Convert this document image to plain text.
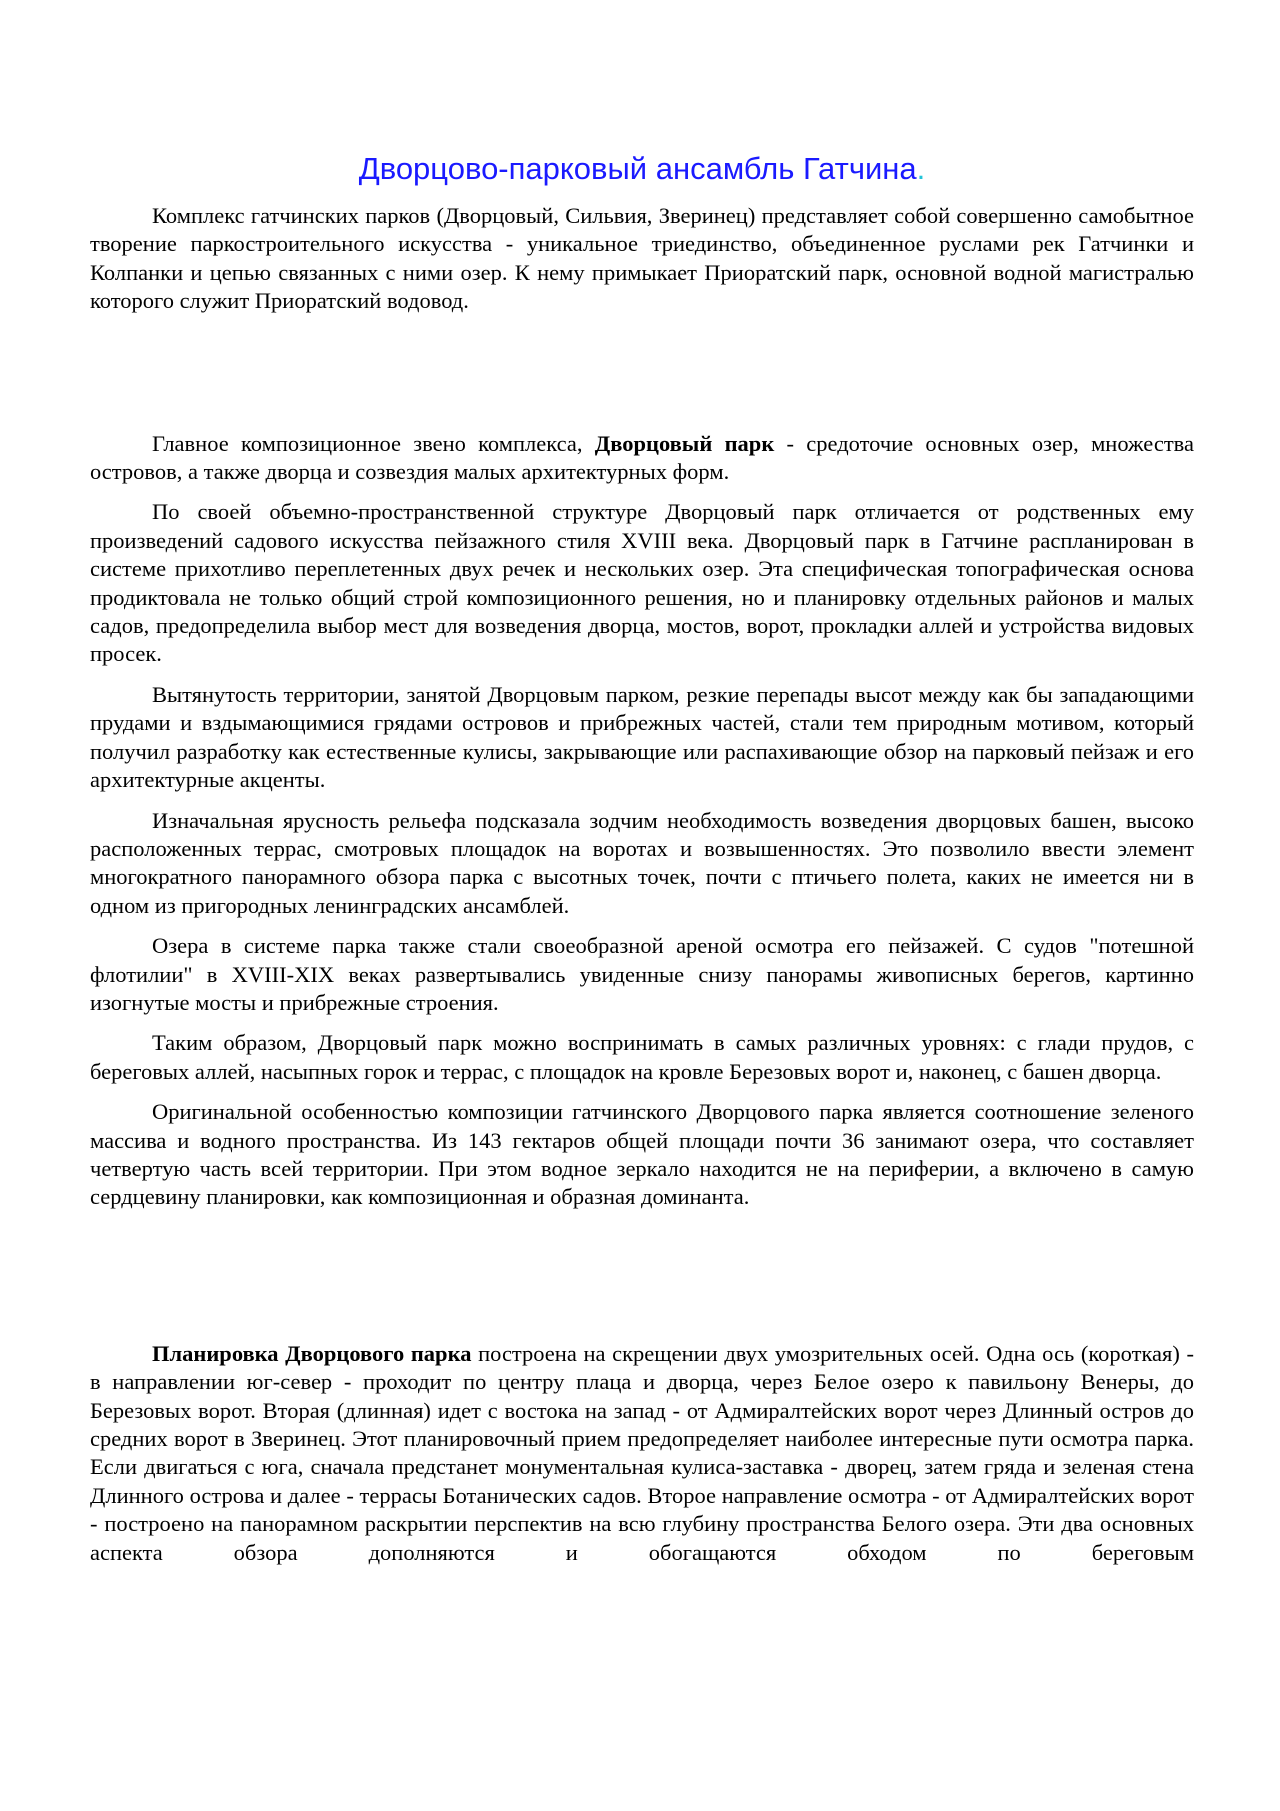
Дворцово-парковый ансамбль Гатчина.

Комплекс гатчинских парков (Дворцовый, Сильвия, Зверинец) представляет собой совершенно самобытное творение паркостроительного искусства - уникальное триединство, объединенное руслами рек Гатчинки и Колпанки и цепью связанных с ними озер. К нему примыкает Приоратский парк, основной водной магистралью которого служит Приоратский водовод.

Главное композиционное звено комплекса, Дворцовый парк - средоточие основных озер, множества островов, а также дворца и созвездия малых архитектурных форм.

По своей объемно-пространственной структуре Дворцовый парк отличается от родственных ему произведений садового искусства пейзажного стиля XVIII века. Дворцовый парк в Гатчине распланирован в системе прихотливо переплетенных двух речек и нескольких озер. Эта специфическая топографическая основа продиктовала не только общий строй композиционного решения, но и планировку отдельных районов и малых садов, предопределила выбор мест для возведения дворца, мостов, ворот, прокладки аллей и устройства видовых просек.

Вытянутость территории, занятой Дворцовым парком, резкие перепады высот между как бы западающими прудами и вздымающимися грядами островов и прибрежных частей, стали тем природным мотивом, который получил разработку как естественные кулисы, закрывающие или распахивающие обзор на парковый пейзаж и его архитектурные акценты.

Изначальная ярусность рельефа подсказала зодчим необходимость возведения дворцовых башен, высоко расположенных террас, смотровых площадок на воротах и возвышенностях. Это позволило ввести элемент многократного панорамного обзора парка с высотных точек, почти с птичьего полета, каких не имеется ни в одном из пригородных ленинградских ансамблей.

Озера в системе парка также стали своеобразной ареной осмотра его пейзажей. С судов "потешной флотилии" в XVIII-XIX веках развертывались увиденные снизу панорамы живописных берегов, картинно изогнутые мосты и прибрежные строения.

Таким образом, Дворцовый парк можно воспринимать в самых различных уровнях: с глади прудов, с береговых аллей, насыпных горок и террас, с площадок на кровле Березовых ворот и, наконец, с башен дворца.

Оригинальной особенностью композиции гатчинского Дворцового парка является соотношение зеленого массива и водного пространства. Из 143 гектаров общей площади почти 36 занимают озера, что составляет четвертую часть всей территории. При этом водное зеркало находится не на периферии, а включено в самую сердцевину планировки, как композиционная и образная доминанта.

Планировка Дворцового парка построена на скрещении двух умозрительных осей. Одна ось (короткая) - в направлении юг-север - проходит по центру плаца и дворца, через Белое озеро к павильону Венеры, до Березовых ворот. Вторая (длинная) идет с востока на запад - от Адмиралтейских ворот через Длинный остров до средних ворот в Зверинец. Этот планировочный прием предопределяет наиболее интересные пути осмотра парка. Если двигаться с юга, сначала предстанет монументальная кулиса-заставка - дворец, затем гряда и зеленая стена Длинного острова и далее - террасы Ботанических садов. Второе направление осмотра - от Адмиралтейских ворот - построено на панорамном раскрытии перспектив на всю глубину пространства Белого озера. Эти два основных аспекта обзора дополняются и обогащаются обходом по береговым
